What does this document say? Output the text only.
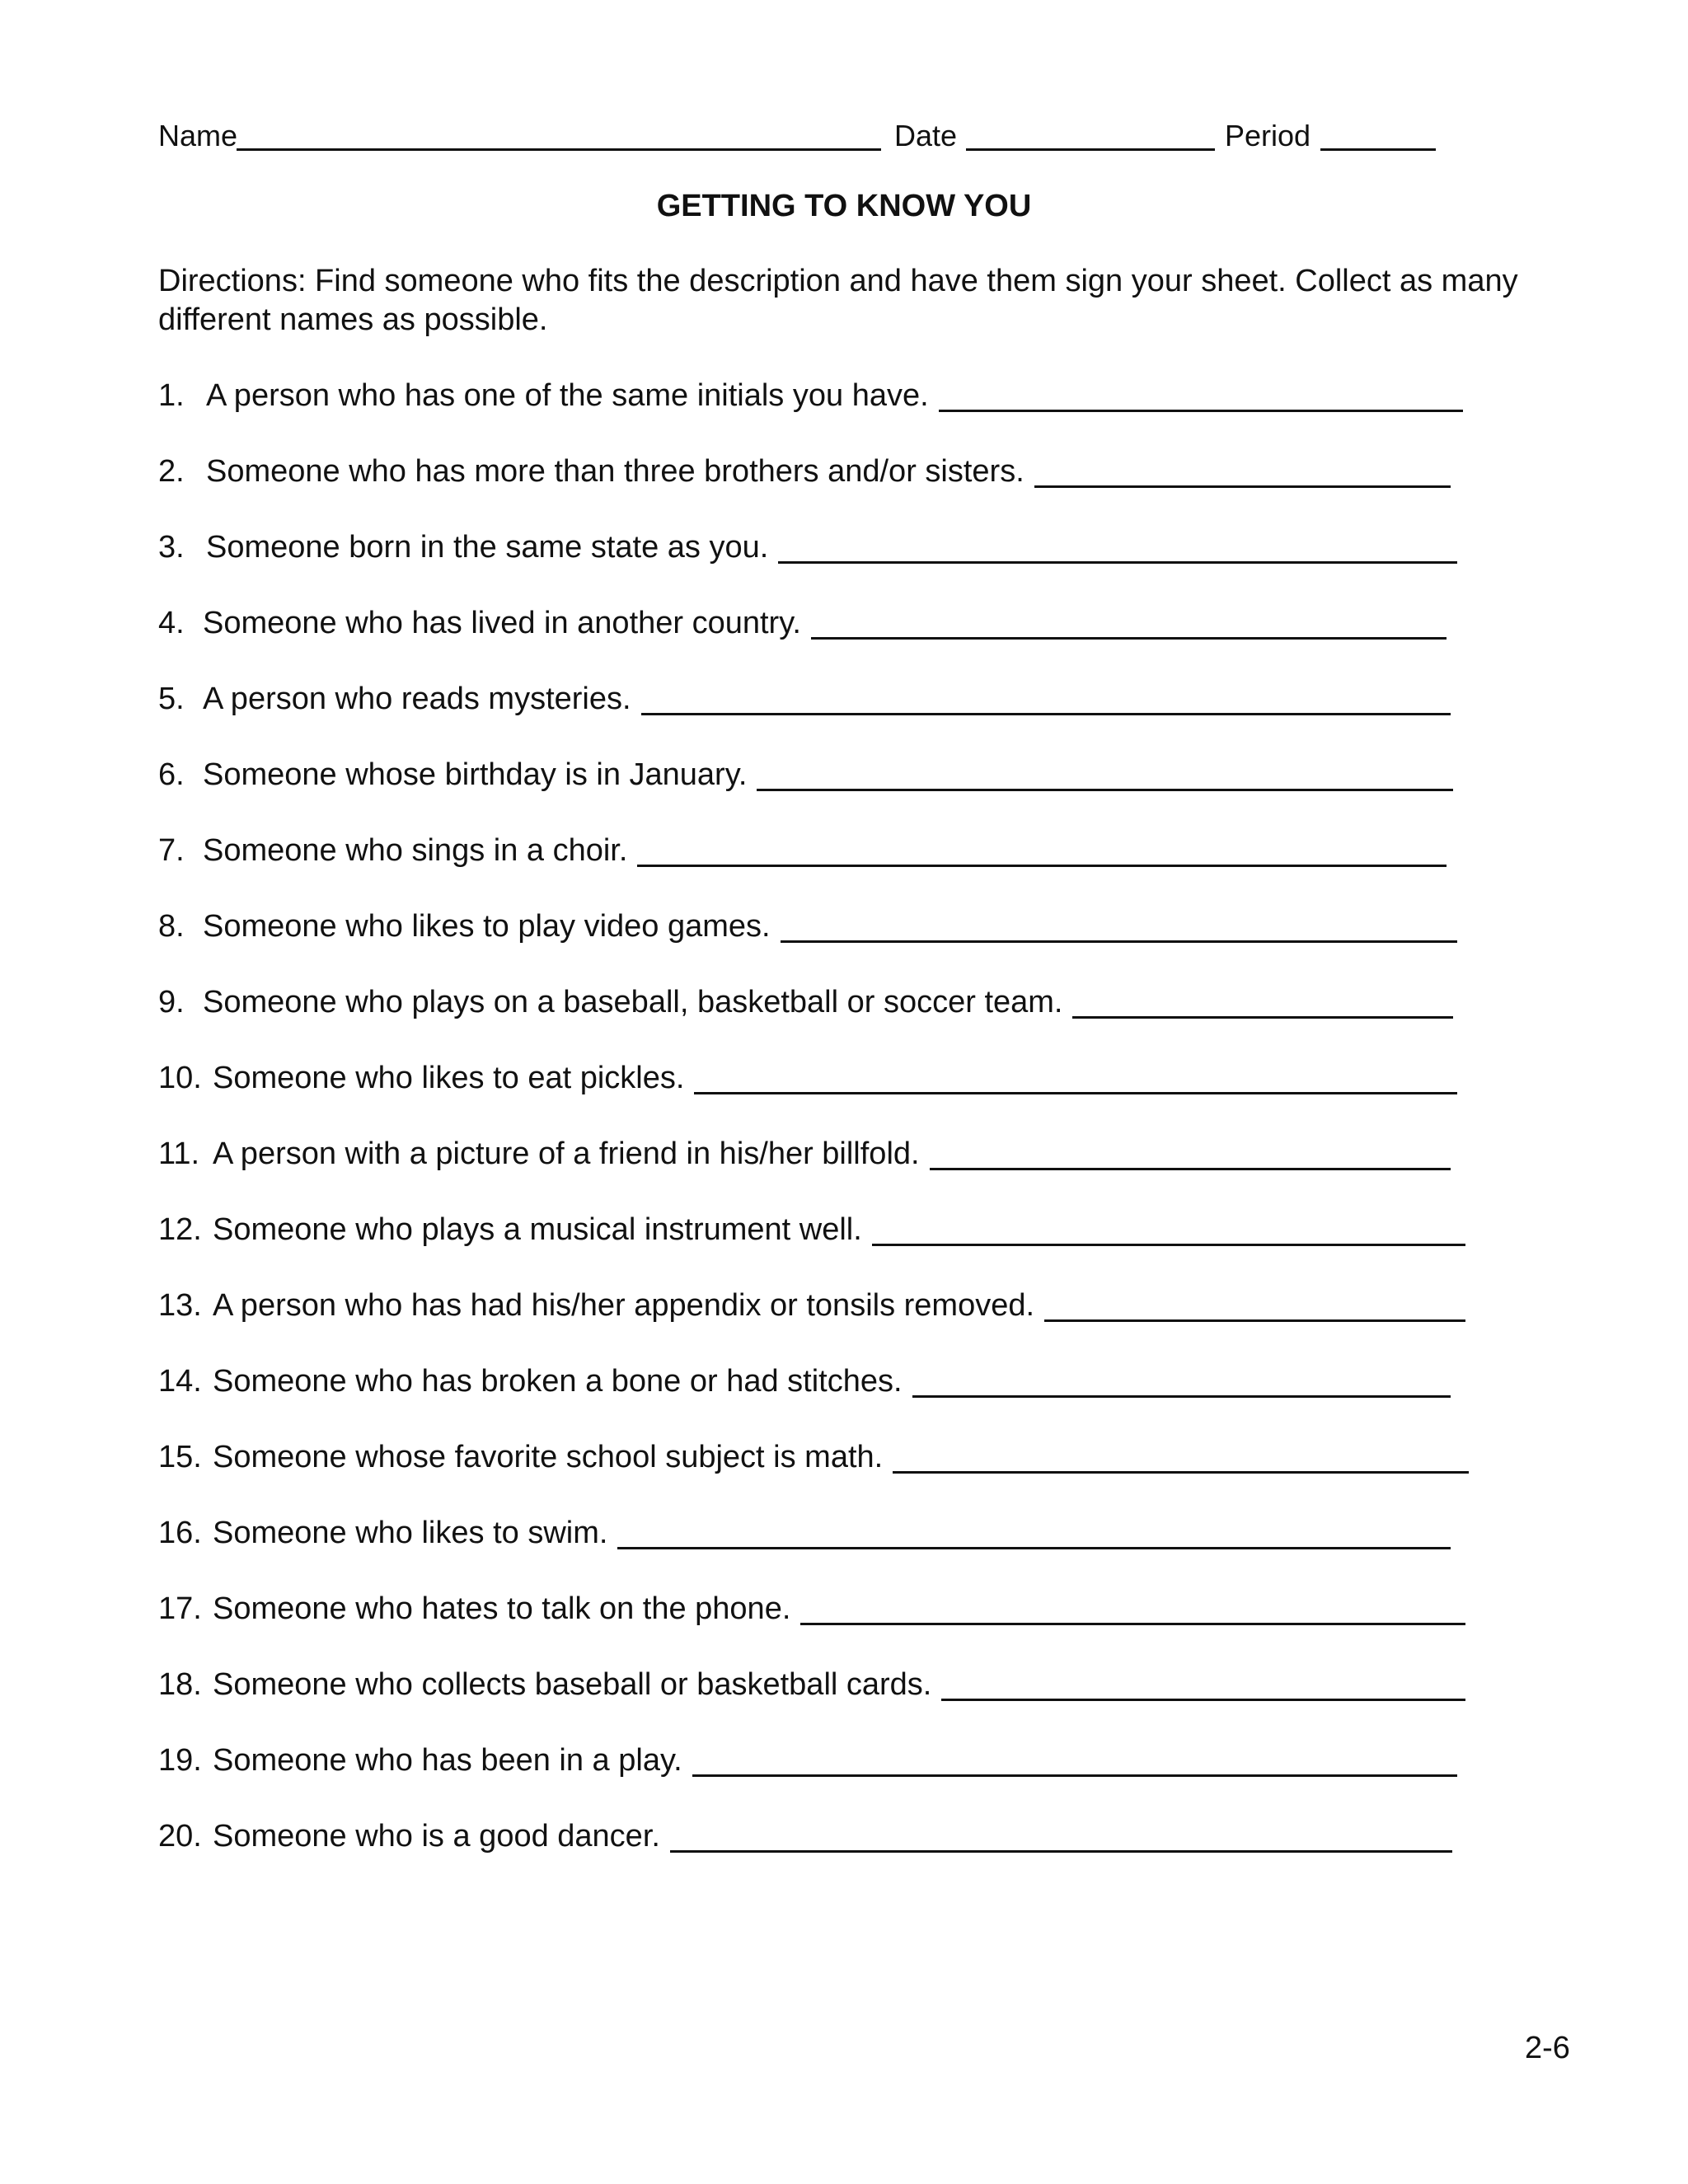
Name	Date	Period
GETTING TO KNOW YOU
Directions: Find someone who fits the description and have them sign your sheet. Collect as many different names as possible.
1. A person who has one of the same initials you have.
2. Someone who has more than three brothers and/or sisters.
3. Someone born in the same state as you.
4. Someone who has lived in another country.
5. A person who reads mysteries.
6. Someone whose birthday is in January.
7. Someone who sings in a choir.
8. Someone who likes to play video games.
9. Someone who plays on a baseball, basketball or soccer team.
10. Someone who likes to eat pickles.
11. A person with a picture of a friend in his/her billfold.
12. Someone who plays a musical instrument well.
13. A person who has had his/her appendix or tonsils removed.
14. Someone who has broken a bone or had stitches.
15. Someone whose favorite school subject is math.
16. Someone who likes to swim.
17. Someone who hates to talk on the phone.
18. Someone who collects baseball or basketball cards.
19. Someone who has been in a play.
20. Someone who is a good dancer.
2-6
